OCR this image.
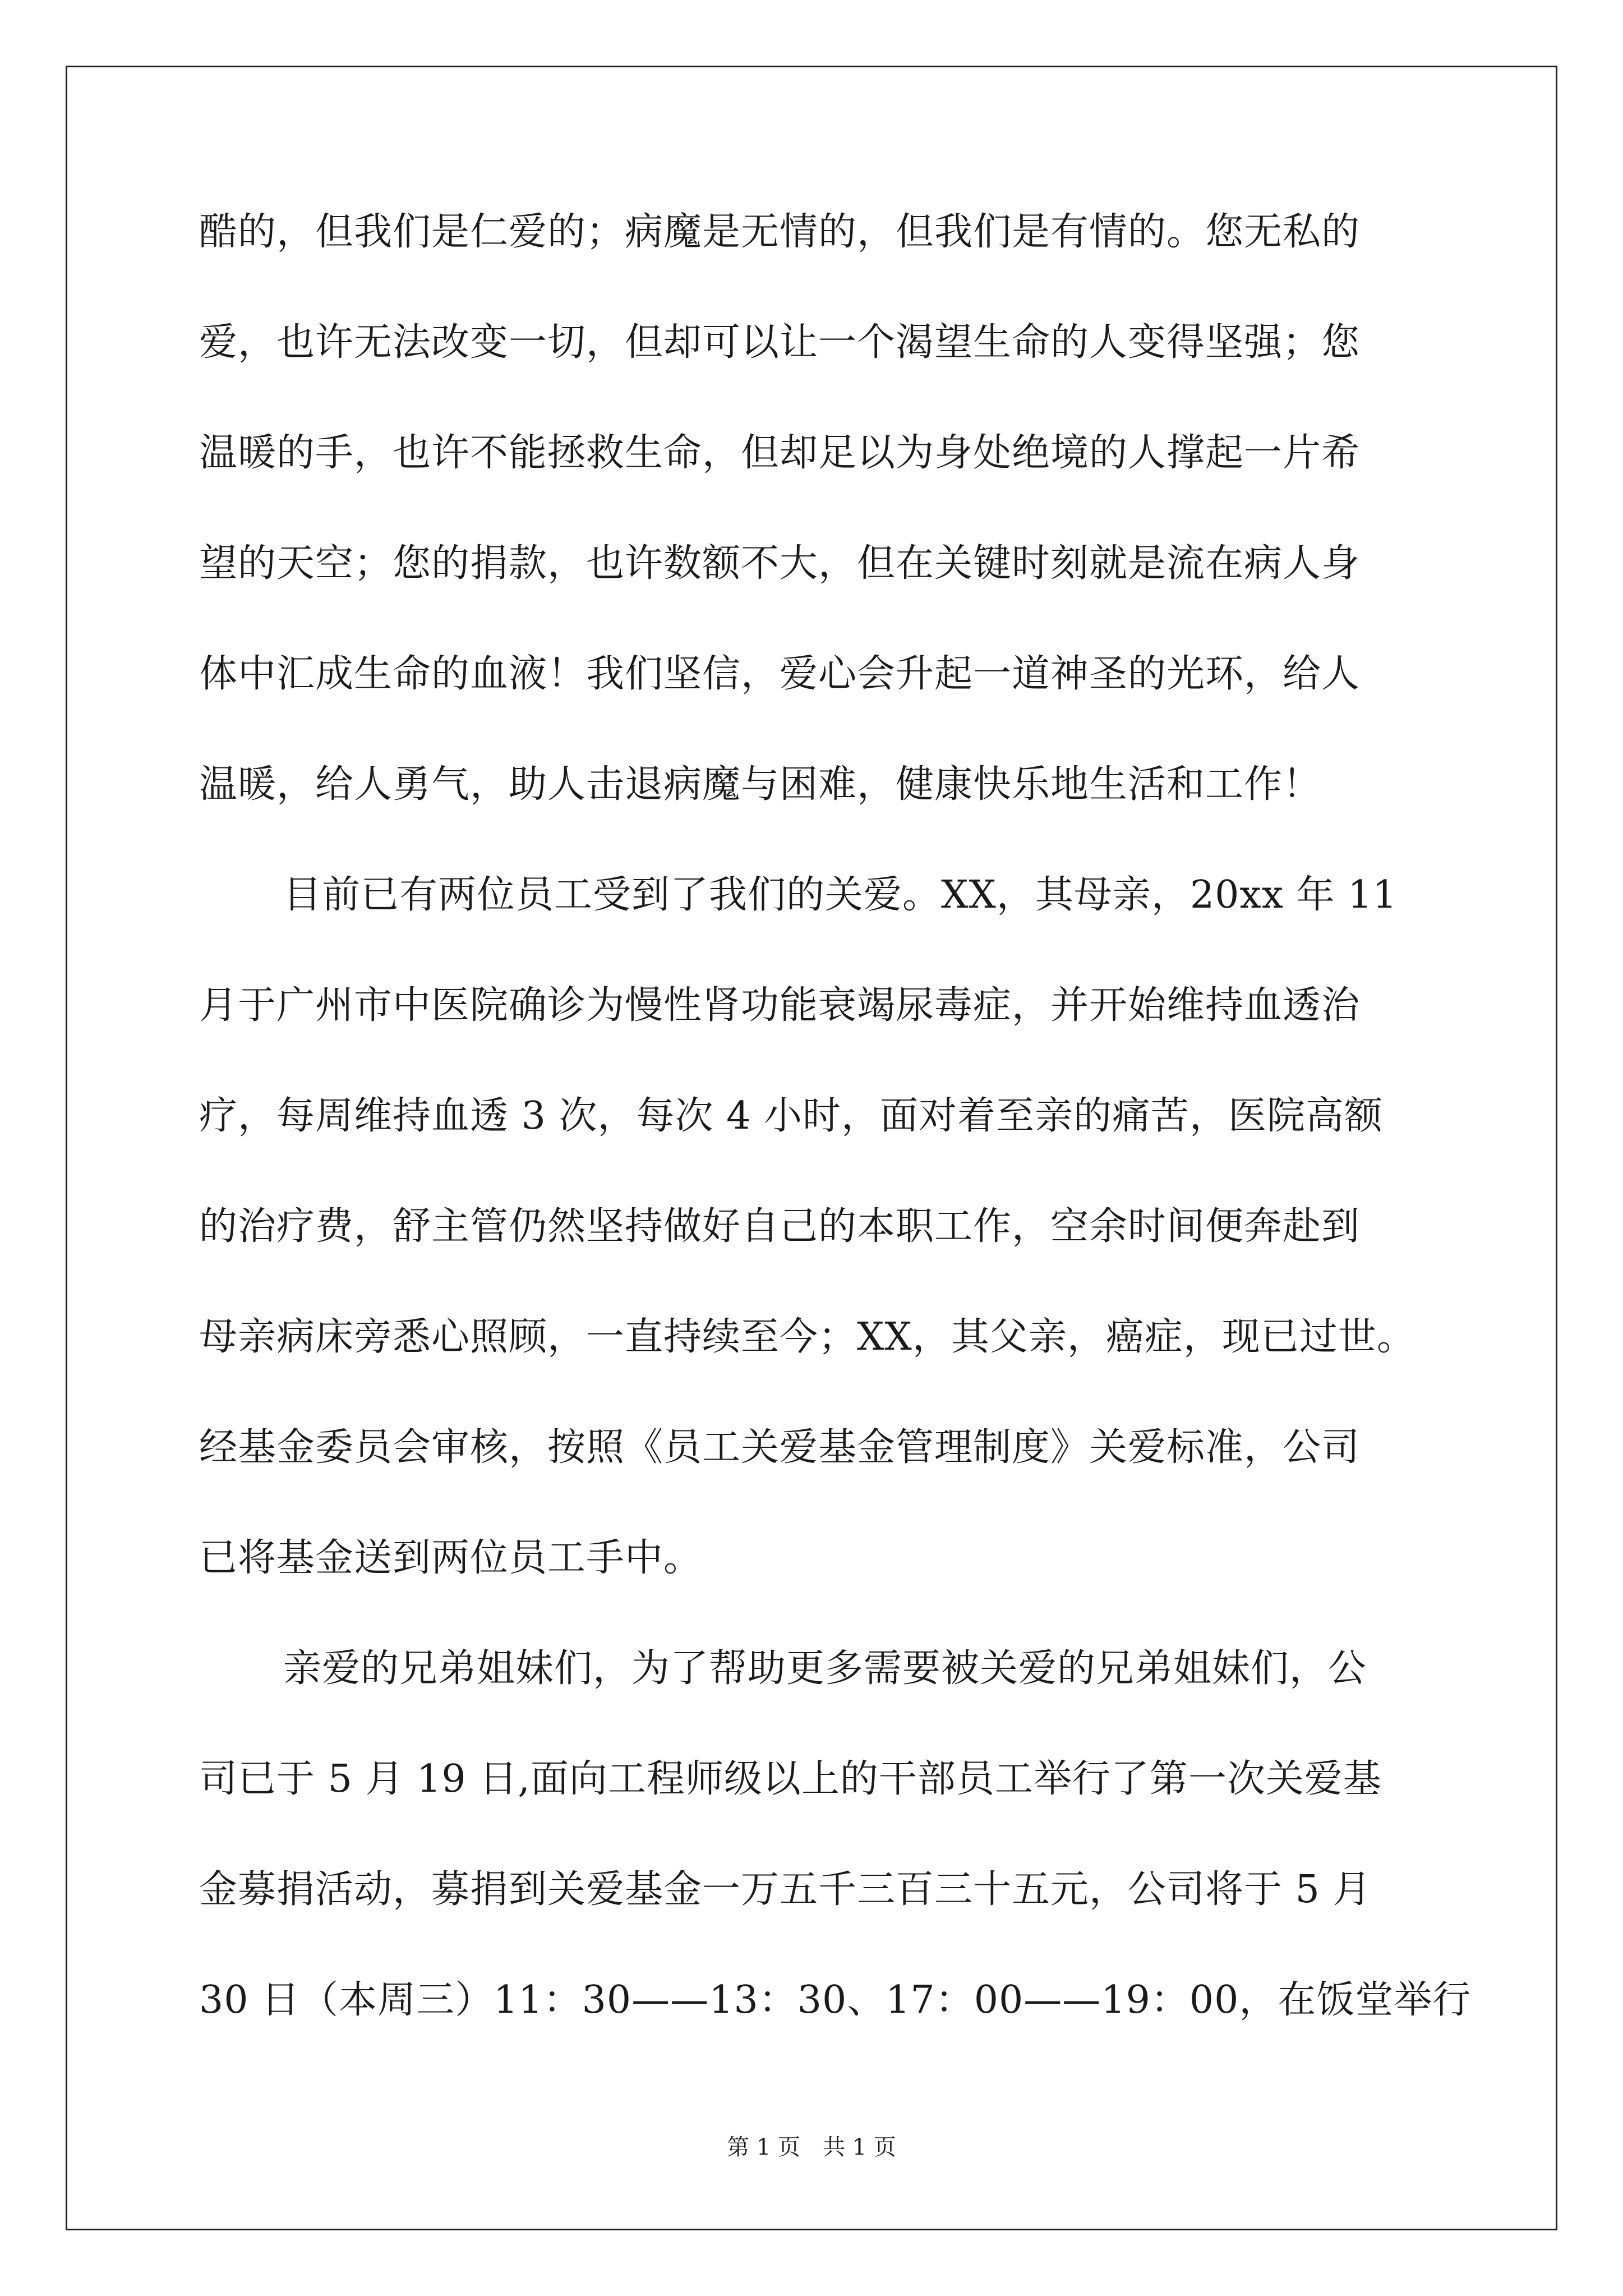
酷的，但我们是仁爱的；病魔是无情的，但我们是有情的。您无私的
爱，也许无法改变一切，但却可以让一个渴望生命的人变得坚强；您
温暖的手，也许不能拯救生命，但却足以为身处绝境的人撑起一片希
望的天空；您的捐款，也许数额不大，但在关键时刻就是流在病人身
体中汇成生命的血液！我们坚信，爱心会升起一道神圣的光环，给人
温暖，给人勇气，助人击退病魔与困难，健康快乐地生活和工作！
目前已有两位员工受到了我们的关爱。XX，其母亲，20xx 年 11
月于广州市中医院确诊为慢性肾功能衰竭尿毒症，并开始维持血透治
疗，每周维持血透 3 次，每次 4 小时，面对着至亲的痛苦，医院高额
的治疗费，舒主管仍然坚持做好自己的本职工作，空余时间便奔赴到
母亲病床旁悉心照顾，一直持续至今；XX，其父亲，癌症，现已过世。
经基金委员会审核，按照《员工关爱基金管理制度》关爱标准，公司
已将基金送到两位员工手中。
亲爱的兄弟姐妹们，为了帮助更多需要被关爱的兄弟姐妹们，公
司已于 5 月 19 日,面向工程师级以上的干部员工举行了第一次关爱基
金募捐活动，募捐到关爱基金一万五千三百三十五元，公司将于 5 月
30 日（本周三）11：30——13：30、17：00——19：00，在饭堂举行
第 1 页 共 1 页
